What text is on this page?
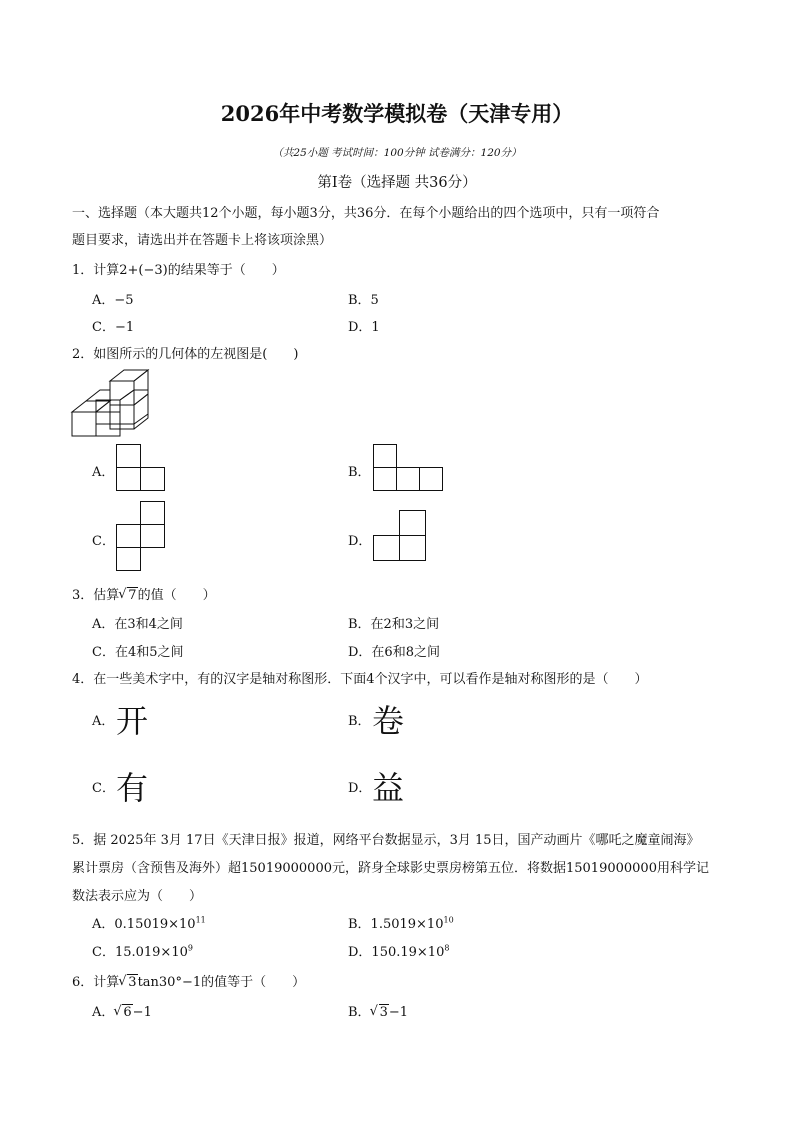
2026年中考数学模拟卷（天津专用）
（共25小题 考试时间：100分钟 试卷满分：120分）
第Ⅰ卷（选择题 共36分）
一、选择题（本大题共12个小题，每小题3分，共36分．在每个小题给出的四个选项中，只有一项符合
题目要求，请选出并在答题卡上将该项涂黑）
1．计算2+(−3)的结果等于（　　）
A．−5	B．5
C．−1	D．1
2．如图所示的几何体的左视图是(　　)
A．	B．
C．	D．
3．估算 √ 7的值（　　）
A．在3和4之间	B．在2和3之间
C．在4和5之间	D．在6和8之间
4．在一些美术字中，有的汉字是轴对称图形．下面4个汉字中，可以看作是轴对称图形的是（　　）
A． 开	B． 卷
C． 有	D． 益
5．据 2025年 3月 17日《天津日报》报道，网络平台数据显示，3月 15日，国产动画片《哪吒之魔童闹海》
累计票房（含预售及海外）超15019000000元，跻身全球影史票房榜第五位．将数据15019000000用科学记
数法表示应为（　　）
A．$0.15019\times 10^{11}$	B．$1.5019\times 10^{10}$
C．$15.019\times 10^9$	D．$150.19\times 10^8$
6．计算 √ 3tan30°−1的值等于（　　）
A． √ 6−1	B． √ 3−1
